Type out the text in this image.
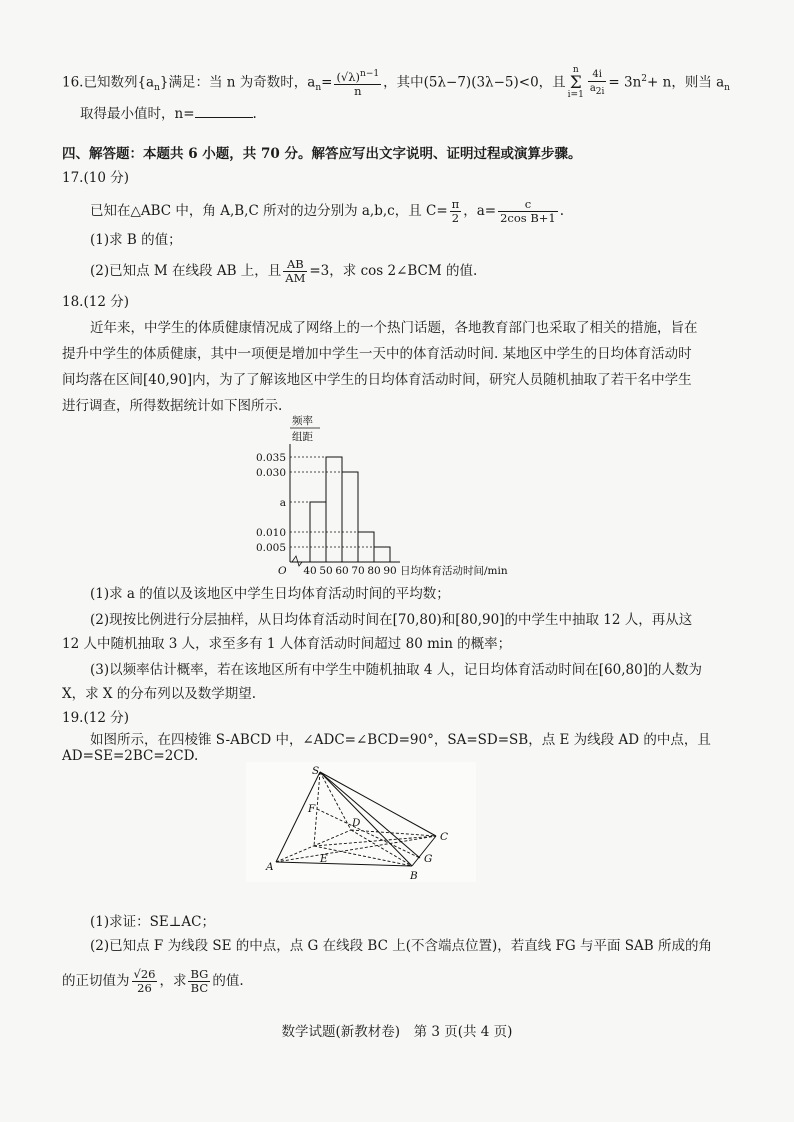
16.已知数列$\{a_n\}$满足：当 n 为奇数时，$a_n= \frac{(√\lambda)^{n-1}}{n}$ ，其中(5λ−7)(3λ−5)<0，且n
Σ
$i=1 \frac{4i}{a_{2i}} = 3n^2+ n$，则当 $a_n$
取得最小值时，n=	.
四、解答题：本题共 6 小题，共 70 分。解答应写出文字说明、证明过程或演算步骤。
17.(10 分)
已知在△ABC 中，角 A,B,C 所对的边分别为 a,b,c，且 $C= \frac{\pi}{2}$ ，$a= \frac{c}{\text{2cos B+1}}$ .
(1)求 B 的值；
(2)已知点 M 在线段 AB 上，且 $\frac{AB}{AM} =3$，求 cos 2∠BCM 的值.
18.(12 分)
近年来，中学生的体质健康情况成了网络上的一个热门话题，各地教育部门也采取了相关的措施，旨在
提升中学生的体质健康，其中一项便是增加中学生一天中的体育活动时间. 某地区中学生的日均体育活动时
间均落在区间[40,90]内，为了了解该地区中学生的日均体育活动时间，研究人员随机抽取了若干名中学生
进行调查，所得数据统计如下图所示.
频率
组距
O
0.005
0.010
a
0.030
0.035
40 50 60 70 80 90 日均体育活动时间/min
(1)求 a 的值以及该地区中学生日均体育活动时间的平均数；
(2)现按比例进行分层抽样，从日均体育活动时间在[70,80)和[80,90]的中学生中抽取 12 人，再从这
12 人中随机抽取 3 人，求至多有 1 人体育活动时间超过 80 min 的概率；
(3)以频率估计概率，若在该地区所有中学生中随机抽取 4 人，记日均体育活动时间在[60,80]的人数为
X，求 X 的分布列以及数学期望.
19.(12 分)
如图所示，在四棱锥 S-ABCD 中，∠ADC=∠BCD=90°，SA=SD=SB，点 E 为线段 AD 的中点，且
AD=SE=2BC=2CD.
S
F
D
C
E	G
B
A
(1)求证：SE⊥AC；
(2)已知点 F 为线段 SE 的中点，点 G 在线段 BC 上(不含端点位置)，若直线 FG 与平面 SAB 所成的角
的正切值为 $\frac{√26}{26}$ ，求 $\frac{BG}{BC}$ 的值.
数学试题(新教材卷)　第 3 页(共 4 页)
